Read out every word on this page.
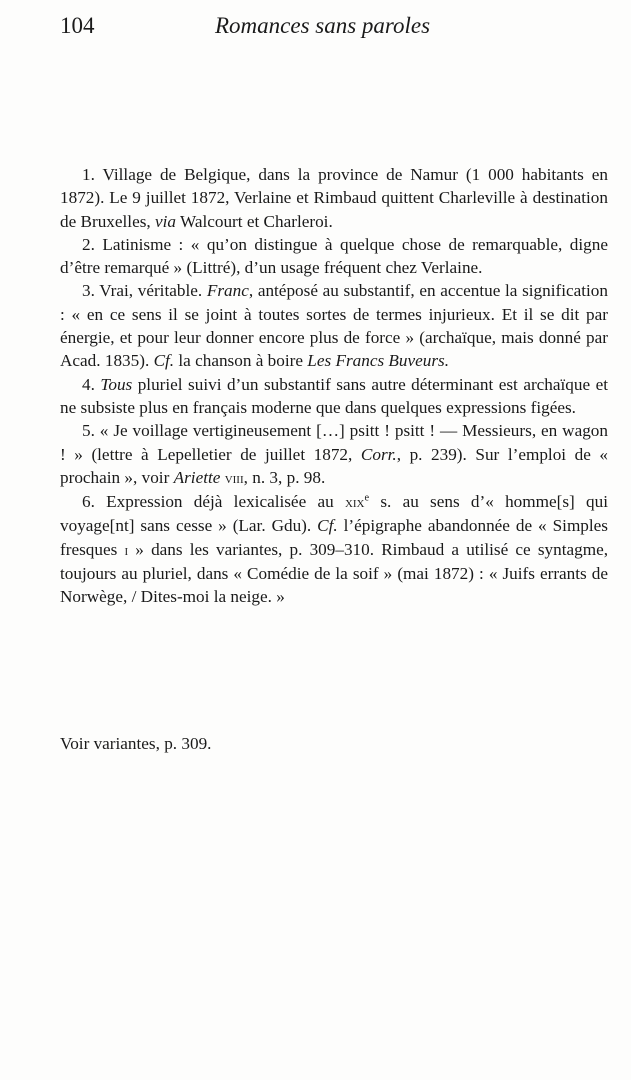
104	Romances sans paroles

1. Village de Belgique, dans la province de Namur (1 000 habitants en 1872). Le 9 juillet 1872, Verlaine et Rimbaud quittent Charleville à destination de Bruxelles, via Walcourt et Charleroi.

2. Latinisme : « qu’on distingue à quelque chose de remarquable, digne d’être remarqué » (Littré), d’un usage fréquent chez Verlaine.

3. Vrai, véritable. Franc, antéposé au substantif, en accentue la signification : « en ce sens il se joint à toutes sortes de termes injurieux. Et il se dit par énergie, et pour leur donner encore plus de force » (archaïque, mais donné par Acad. 1835). Cf. la chanson à boire Les Francs Buveurs.

4. Tous pluriel suivi d’un substantif sans autre déterminant est archaïque et ne subsiste plus en français moderne que dans quelques expressions figées.

5. « Je voillage vertigineusement […] psitt ! psitt ! — Messieurs, en wagon ! » (lettre à Lepelletier de juillet 1872, Corr., p. 239). Sur l’emploi de « prochain », voir Ariette viii, n. 3, p. 98.

6. Expression déjà lexicalisée au xix$^e$ s. au sens d’« homme[s] qui voyage[nt] sans cesse » (Lar. Gdu). Cf. l’épigraphe abandonnée de « Simples fresques i » dans les variantes, p. 309–310. Rimbaud a utilisé ce syntagme, toujours au pluriel, dans « Comédie de la soif » (mai 1872) : « Juifs errants de Norwège, / Dites-moi la neige. »

Voir variantes, p. 309.
